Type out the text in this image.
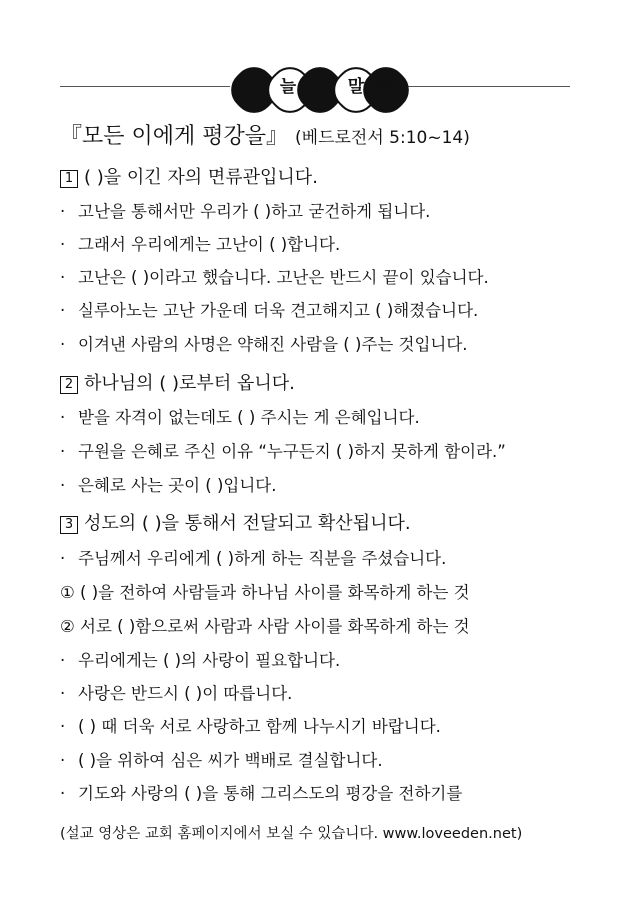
오	늘 의	말 씀
『모든 이에게 평강을』 (베드로전서 5:10~14)
1 ( )을 이긴 자의 면류관입니다.
· 고난을 통해서만 우리가 ( )하고 굳건하게 됩니다.
· 그래서 우리에게는 고난이 ( )합니다.
· 고난은 ( )이라고 했습니다. 고난은 반드시 끝이 있습니다.
· 실루아노는 고난 가운데 더욱 견고해지고 ( )해졌습니다.
· 이겨낸 사람의 사명은 약해진 사람을 ( )주는 것입니다.
2 하나님의 ( )로부터 옵니다.
· 받을 자격이 없는데도 ( ) 주시는 게 은혜입니다.
· 구원을 은혜로 주신 이유 “누구든지 ( )하지 못하게 함이라.”
· 은혜로 사는 곳이 ( )입니다.
3 성도의 ( )을 통해서 전달되고 확산됩니다.
· 주님께서 우리에게 ( )하게 하는 직분을 주셨습니다.
① ( )을 전하여 사람들과 하나님 사이를 화목하게 하는 것
② 서로 ( )함으로써 사람과 사람 사이를 화목하게 하는 것
· 우리에게는 ( )의 사랑이 필요합니다.
· 사랑은 반드시 ( )이 따릅니다.
· ( ) 때 더욱 서로 사랑하고 함께 나누시기 바랍니다.
· ( )을 위하여 심은 씨가 백배로 결실합니다.
· 기도와 사랑의 ( )을 통해 그리스도의 평강을 전하기를
(설교 영상은 교회 홈페이지에서 보실 수 있습니다. www.loveeden.net)
